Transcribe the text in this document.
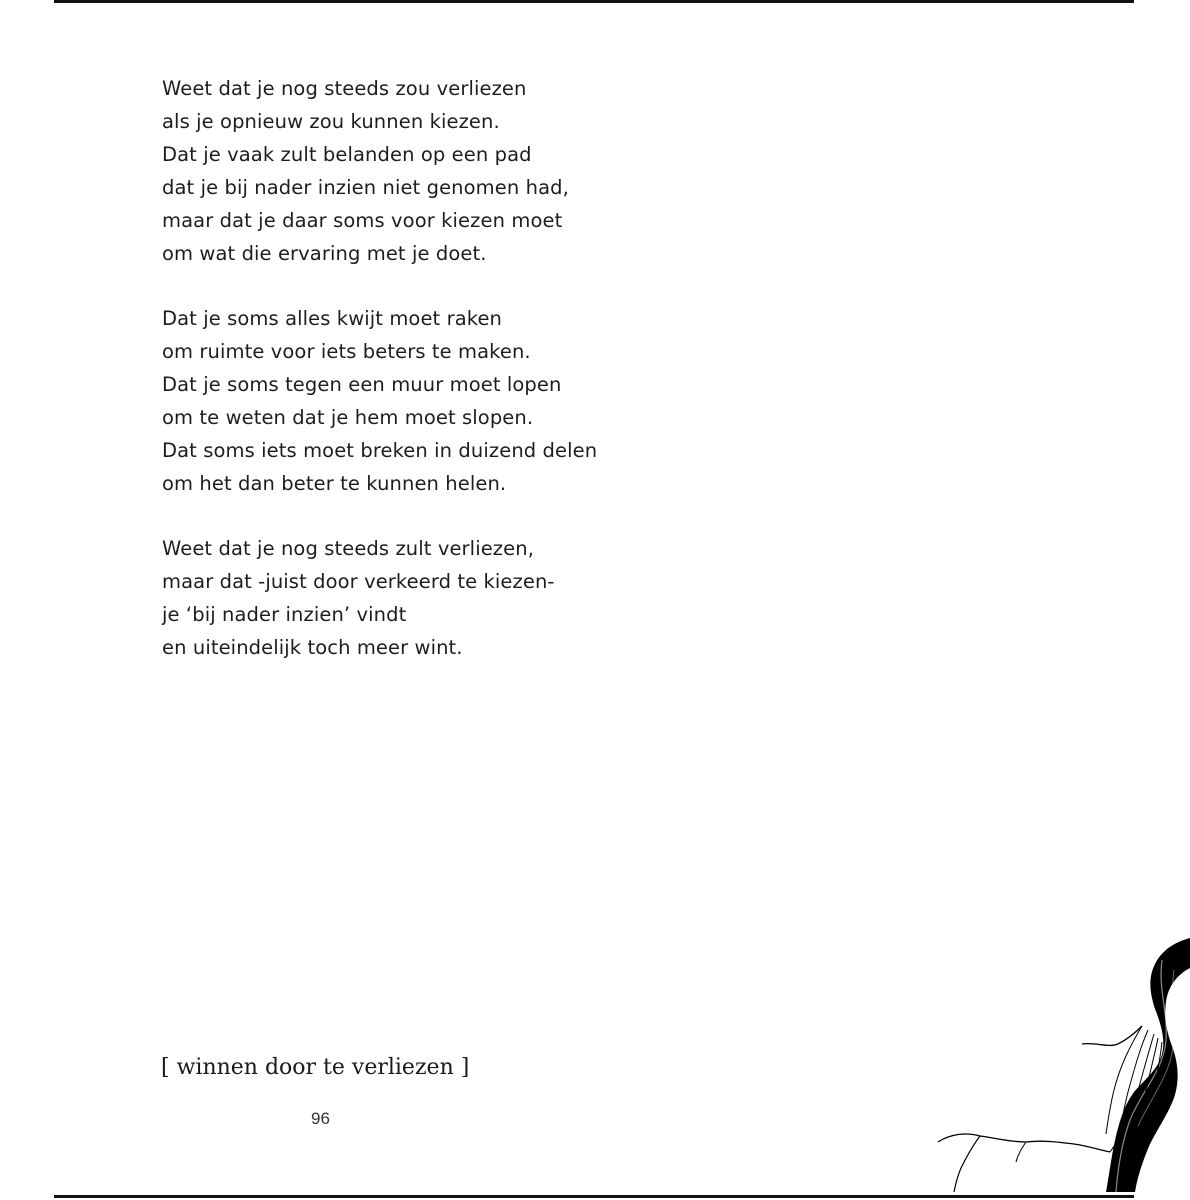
Weet dat je nog steeds zou verliezen
als je opnieuw zou kunnen kiezen.
Dat je vaak zult belanden op een pad
dat je bij nader inzien niet genomen had,
maar dat je daar soms voor kiezen moet
om wat die ervaring met je doet.
Dat je soms alles kwijt moet raken
om ruimte voor iets beters te maken.
Dat je soms tegen een muur moet lopen
om te weten dat je hem moet slopen.
Dat soms iets moet breken in duizend delen
om het dan beter te kunnen helen.
Weet dat je nog steeds zult verliezen,
maar dat -juist door verkeerd te kiezen-
je ‘bij nader inzien’ vindt
en uiteindelijk toch meer wint.
[ winnen door te verliezen ]
96
